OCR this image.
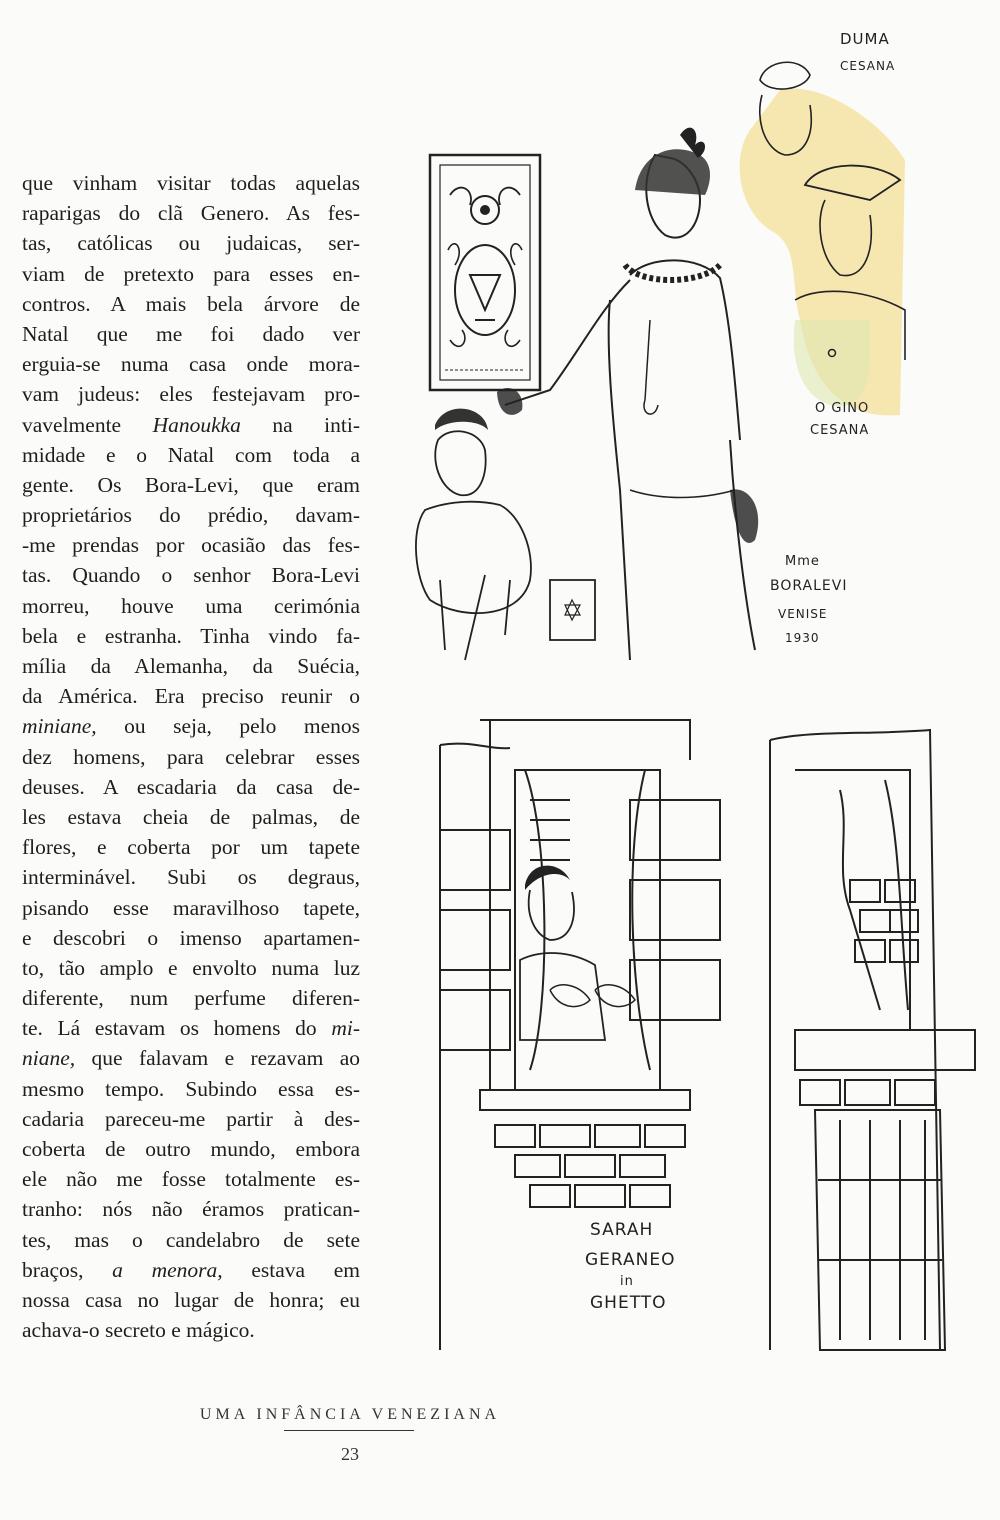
que vinham visitar todas aquelas
raparigas do clã Genero. As fes-
tas, católicas ou judaicas, ser-
viam de pretexto para esses en-
contros. A mais bela árvore de
Natal que me foi dado ver
erguia-se numa casa onde mora-
vam judeus: eles festejavam pro-
vavelmente Hanoukka na inti-
midade e o Natal com toda a
gente. Os Bora-Levi, que eram
proprietários do prédio, davam-
-me prendas por ocasião das fes-
tas. Quando o senhor Bora-Levi
morreu, houve uma cerimónia
bela e estranha. Tinha vindo fa-
mília da Alemanha, da Suécia,
da América. Era preciso reunir o
miniane, ou seja, pelo menos
dez homens, para celebrar esses
deuses. A escadaria da casa de-
les estava cheia de palmas, de
flores, e coberta por um tapete
interminável. Subi os degraus,
pisando esse maravilhoso tapete,
e descobri o imenso apartamen-
to, tão amplo e envolto numa luz
diferente, num perfume diferen-
te. Lá estavam os homens do mi-
niane, que falavam e rezavam ao
mesmo tempo. Subindo essa es-
cadaria pareceu-me partir à des-
coberta de outro mundo, embora
ele não me fosse totalmente es-
tranho: nós não éramos pratican-
tes, mas o candelabro de sete
braços, a menora, estava em
nossa casa no lugar de honra; eu
achava-o secreto e mágico.
DUMA
CESANA
O GINO
CESANA
Mme
BORALEVI
VENISE
1930
SARAH
GERANEO
in
GHETTO
UMA INFÂNCIA VENEZIANA
23
